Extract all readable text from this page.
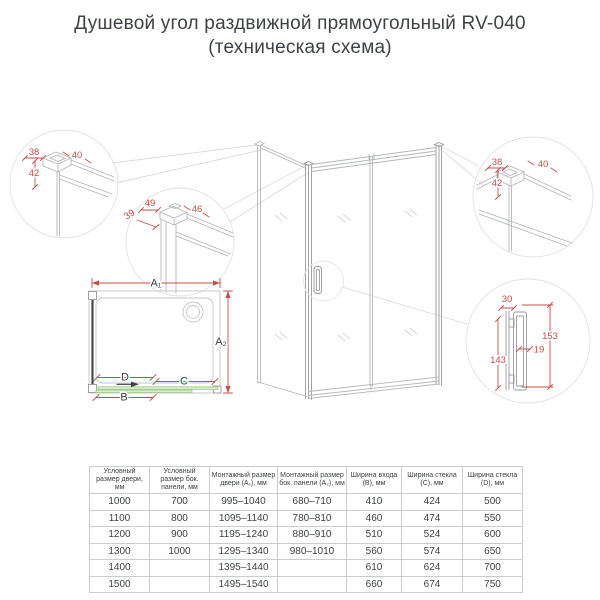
Душевой угол раздвижной прямоугольный RV-040
(техническая схема)
38	40
42
49
46
39
38	40
42
30
153
143
19
A₁
A₂
D	C
B
Условный размер двери, мм	Условный размер бок. панели, мм	Монтажный размер двери (A₁), мм	Монтажный размер бок. панели (A₂), мм	Ширина входа (B), мм	Ширина стекла (C), мм	Ширина стекла (D), мм
1000	700	995–1040	680–710	410	424	500
1100	800	1095–1140	780–810	460	474	550
1200	900	1195–1240	880–910	510	524	600
1300	1000	1295–1340	980–1010	560	574	650
1400		1395–1440		610	624	700
1500		1495–1540		660	674	750
